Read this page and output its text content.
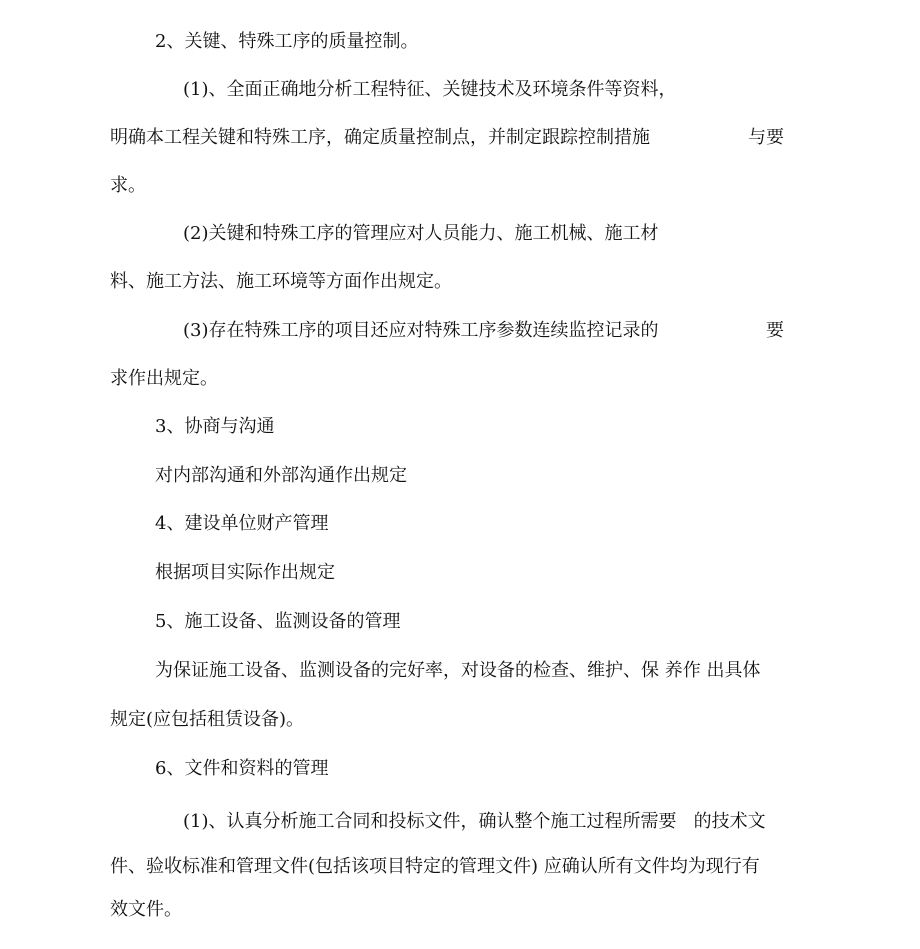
2、关键、特殊工序的质量控制。

(1)、全面正确地分析工程特征、关键技术及环境条件等资料，

明确本工程关键和特殊工序，确定质量控制点，并制定跟踪控制措施	与要

求。

(2)关键和特殊工序的管理应对人员能力、施工机械、施工材

料、施工方法、施工环境等方面作出规定。

(3)存在特殊工序的项目还应对特殊工序参数连续监控记录的	要

求作出规定。

3、协商与沟通

对内部沟通和外部沟通作出规定

4、建设单位财产管理

根据项目实际作出规定

5、施工设备、监测设备的管理

为保证施工设备、监测设备的完好率，对设备的检查、维护、保 养作 出具体

规定(应包括租赁设备)。

6、文件和资料的管理

(1)、认真分析施工合同和投标文件，确认整个施工过程所需要   的技术文

件、验收标准和管理文件(包括该项目特定的管理文件) 应确认所有文件均为现行有

效文件。
